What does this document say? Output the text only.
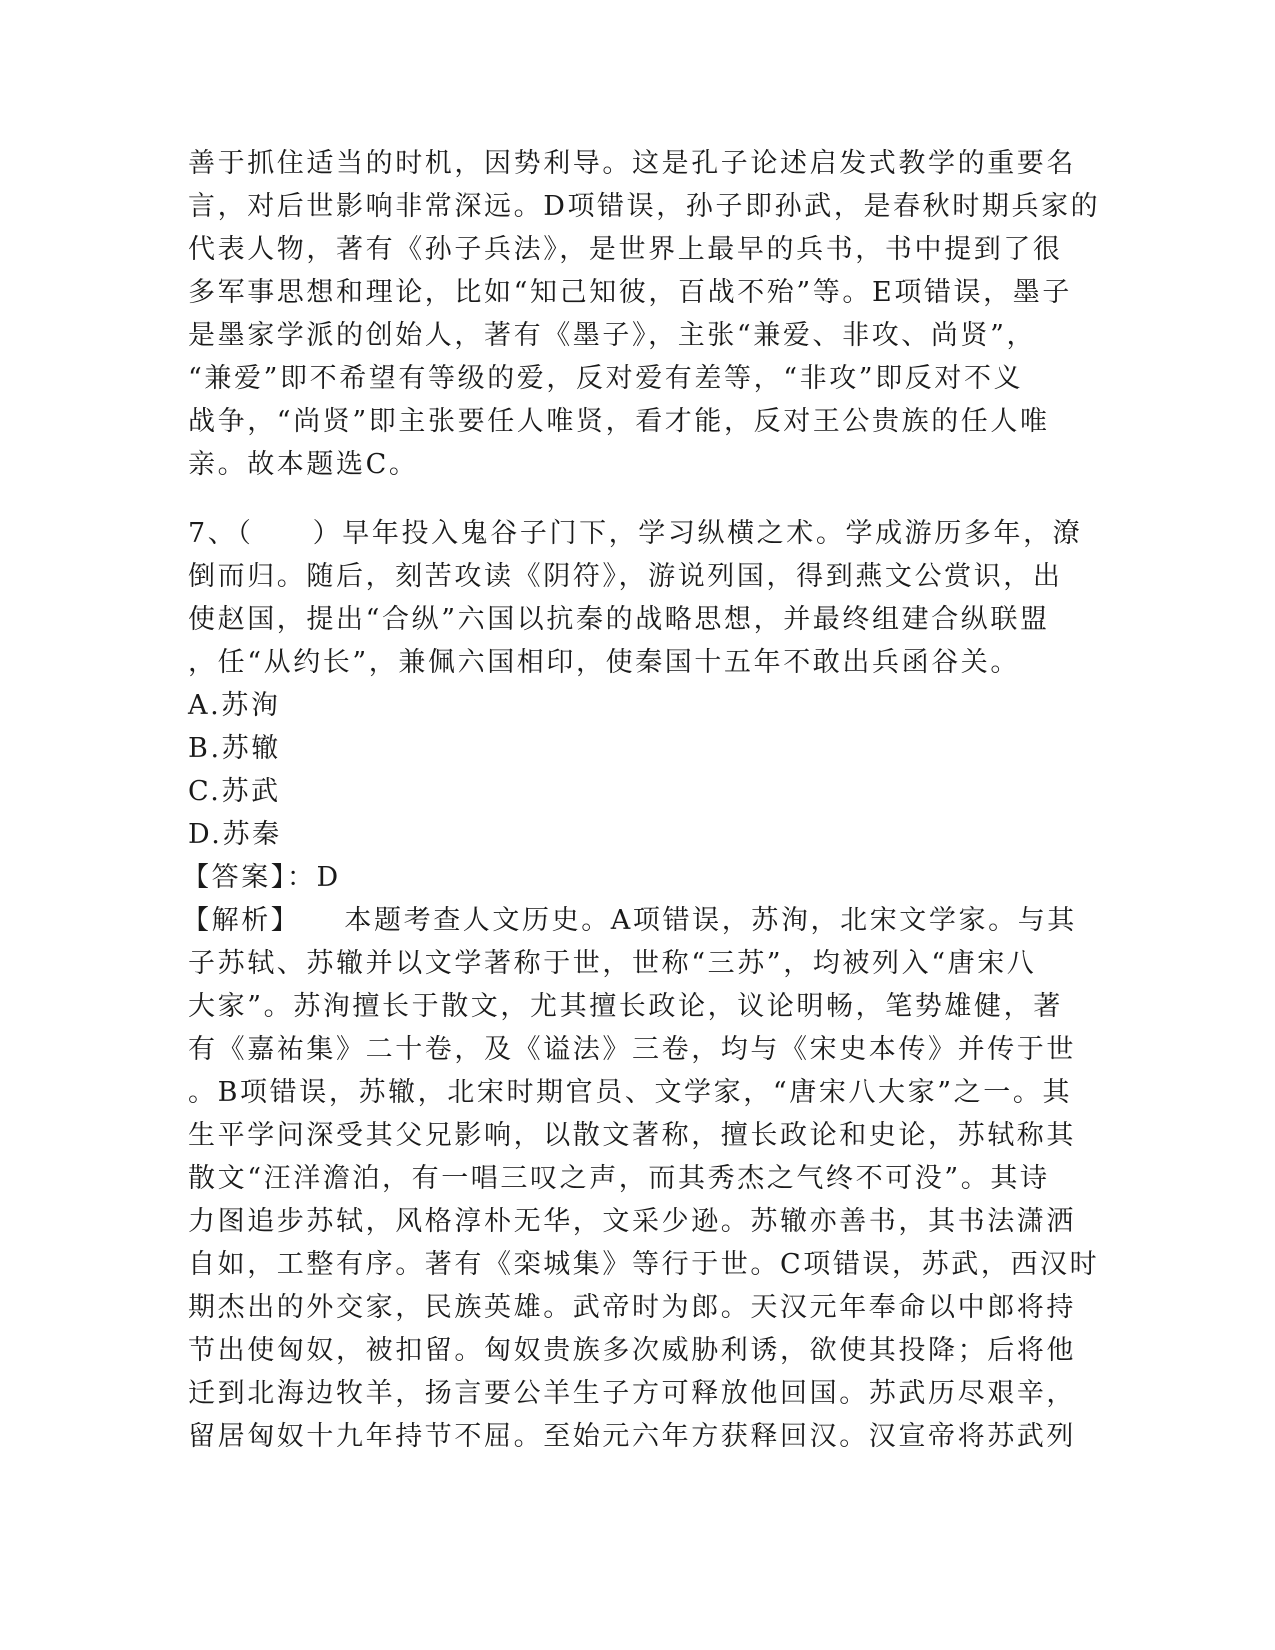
善于抓住适当的时机，因势利导。这是孔子论述启发式教学的重要名
言，对后世影响非常深远。D项错误，孙子即孙武，是春秋时期兵家的
代表人物，著有《孙子兵法》，是世界上最早的兵书，书中提到了很
多军事思想和理论，比如“知己知彼，百战不殆”等。E项错误，墨子
是墨家学派的创始人，著有《墨子》，主张“兼爱、非攻、尚贤”，
“兼爱”即不希望有等级的爱，反对爱有差等，“非攻”即反对不义
战争，“尚贤”即主张要任人唯贤，看才能，反对王公贵族的任人唯
亲。故本题选C。
7、（　　）早年投入鬼谷子门下，学习纵横之术。学成游历多年，潦
倒而归。随后，刻苦攻读《阴符》，游说列国，得到燕文公赏识，出
使赵国，提出“合纵”六国以抗秦的战略思想，并最终组建合纵联盟
，任“从约长”，兼佩六国相印，使秦国十五年不敢出兵函谷关。
A.苏洵
B.苏辙
C.苏武
D.苏秦
【答案】：D
【解析】 本题考查人文历史。A项错误，苏洵，北宋文学家。与其
子苏轼、苏辙并以文学著称于世，世称“三苏”，均被列入“唐宋八
大家”。苏洵擅长于散文，尤其擅长政论，议论明畅，笔势雄健，著
有《嘉祐集》二十卷，及《谥法》三卷，均与《宋史本传》并传于世
。B项错误，苏辙，北宋时期官员、文学家，“唐宋八大家”之一。其
生平学问深受其父兄影响，以散文著称，擅长政论和史论，苏轼称其
散文“汪洋澹泊，有一唱三叹之声，而其秀杰之气终不可没”。其诗
力图追步苏轼，风格淳朴无华，文采少逊。苏辙亦善书，其书法潇洒
自如，工整有序。著有《栾城集》等行于世。C项错误，苏武，西汉时
期杰出的外交家，民族英雄。武帝时为郎。天汉元年奉命以中郎将持
节出使匈奴，被扣留。匈奴贵族多次威胁利诱，欲使其投降；后将他
迁到北海边牧羊，扬言要公羊生子方可释放他回国。苏武历尽艰辛，
留居匈奴十九年持节不屈。至始元六年方获释回汉。汉宣帝将苏武列
